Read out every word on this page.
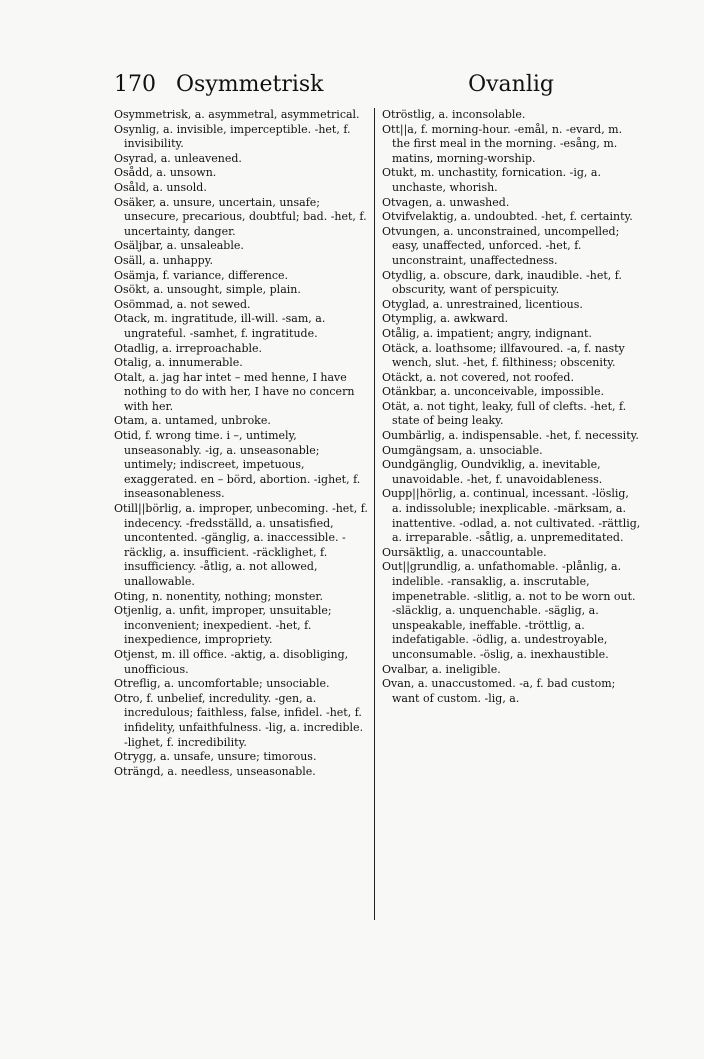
170 Osymmetrisk	Ovanlig
Osymmetrisk, a. asymmetral, asymmetrical.
Osynlig, a. invisible, imperceptible. -het, f. invisibility.
Osyrad, a. unleavened.
Osådd, a. unsown.
Osåld, a. unsold.
Osäker, a. unsure, uncertain, unsafe; unsecure, precarious, doubtful; bad. -het, f. uncertainty, danger.
Osäljbar, a. unsaleable.
Osäll, a. unhappy.
Osämja, f. variance, difference.
Osökt, a. unsought, simple, plain.
Osömmad, a. not sewed.
Otack, m. ingratitude, ill-will. -sam, a. ungrateful. -samhet, f. ingratitude.
Otadlig, a. irreproachable.
Otalig, a. innumerable.
Otalt, a. jag har intet – med henne, I have nothing to do with her, I have no concern with her.
Otam, a. untamed, unbroke.
Otid, f. wrong time. i –, untimely, unseasonably. -ig, a. unseasonable; untimely; indiscreet, impetuous, exaggerated. en – börd, abortion. -ighet, f. inseasonableness.
Otill||börlig, a. improper, unbecoming. -het, f. indecency. -fredsställd, a. unsatisfied, uncontented. -gänglig, a. inaccessible. -räcklig, a. insufficient. -räcklighet, f. insufficiency. -åtlig, a. not allowed, unallowable.
Oting, n. nonentity, nothing; monster.
Otjenlig, a. unfit, improper, unsuitable; inconvenient; inexpedient. -het, f. inexpedience, impropriety.
Otjenst, m. ill office. -aktig, a. disobliging, unofficious.
Otreflig, a. uncomfortable; unsociable.
Otro, f. unbelief, incredulity. -gen, a. incredulous; faithless, false, infidel. -het, f. infidelity, unfaithfulness. -lig, a. incredible. -lighet, f. incredibility.
Otrygg, a. unsafe, unsure; timorous.
Oträngd, a. needless, unseasonable.
Otröstlig, a. inconsolable.
Ott||a, f. morning-hour. -emål, n. -evard, m. the first meal in the morning. -esång, m. matins, morning-worship.
Otukt, m. unchastity, fornication. -ig, a. unchaste, whorish.
Otvagen, a. unwashed.
Otvifvelaktig, a. undoubted. -het, f. certainty.
Otvungen, a. unconstrained, uncompelled; easy, unaffected, unforced. -het, f. unconstraint, unaffectedness.
Otydlig, a. obscure, dark, inaudible. -het, f. obscurity, want of perspicuity.
Otyglad, a. unrestrained, licentious.
Otymplig, a. awkward.
Otålig, a. impatient; angry, indignant.
Otäck, a. loathsome; illfavoured. -a, f. nasty wench, slut. -het, f. filthiness; obscenity.
Otäckt, a. not covered, not roofed.
Otänkbar, a. unconceivable, impossible.
Otät, a. not tight, leaky, full of clefts. -het, f. state of being leaky.
Oumbärlig, a. indispensable. -het, f. necessity.
Oumgängsam, a. unsociable.
Oundgänglig, Oundviklig, a. inevitable, unavoidable. -het, f. unavoidableness.
Oupp||hörlig, a. continual, incessant. -löslig, a. indissoluble; inexplicable. -märksam, a. inattentive. -odlad, a. not cultivated. -rättlig, a. irreparable. -såtlig, a. unpremeditated.
Oursäktlig, a. unaccountable.
Out||grundlig, a. unfathomable. -plånlig, a. indelible. -ransaklig, a. inscrutable, impenetrable. -slitlig, a. not to be worn out. -släcklig, a. unquenchable. -säglig, a. unspeakable, ineffable. -tröttlig, a. indefatigable. -ödlig, a. undestroyable, unconsumable. -öslig, a. inexhaustible.
Ovalbar, a. ineligible.
Ovan, a. unaccustomed. -a, f. bad custom; want of custom. -lig, a.
